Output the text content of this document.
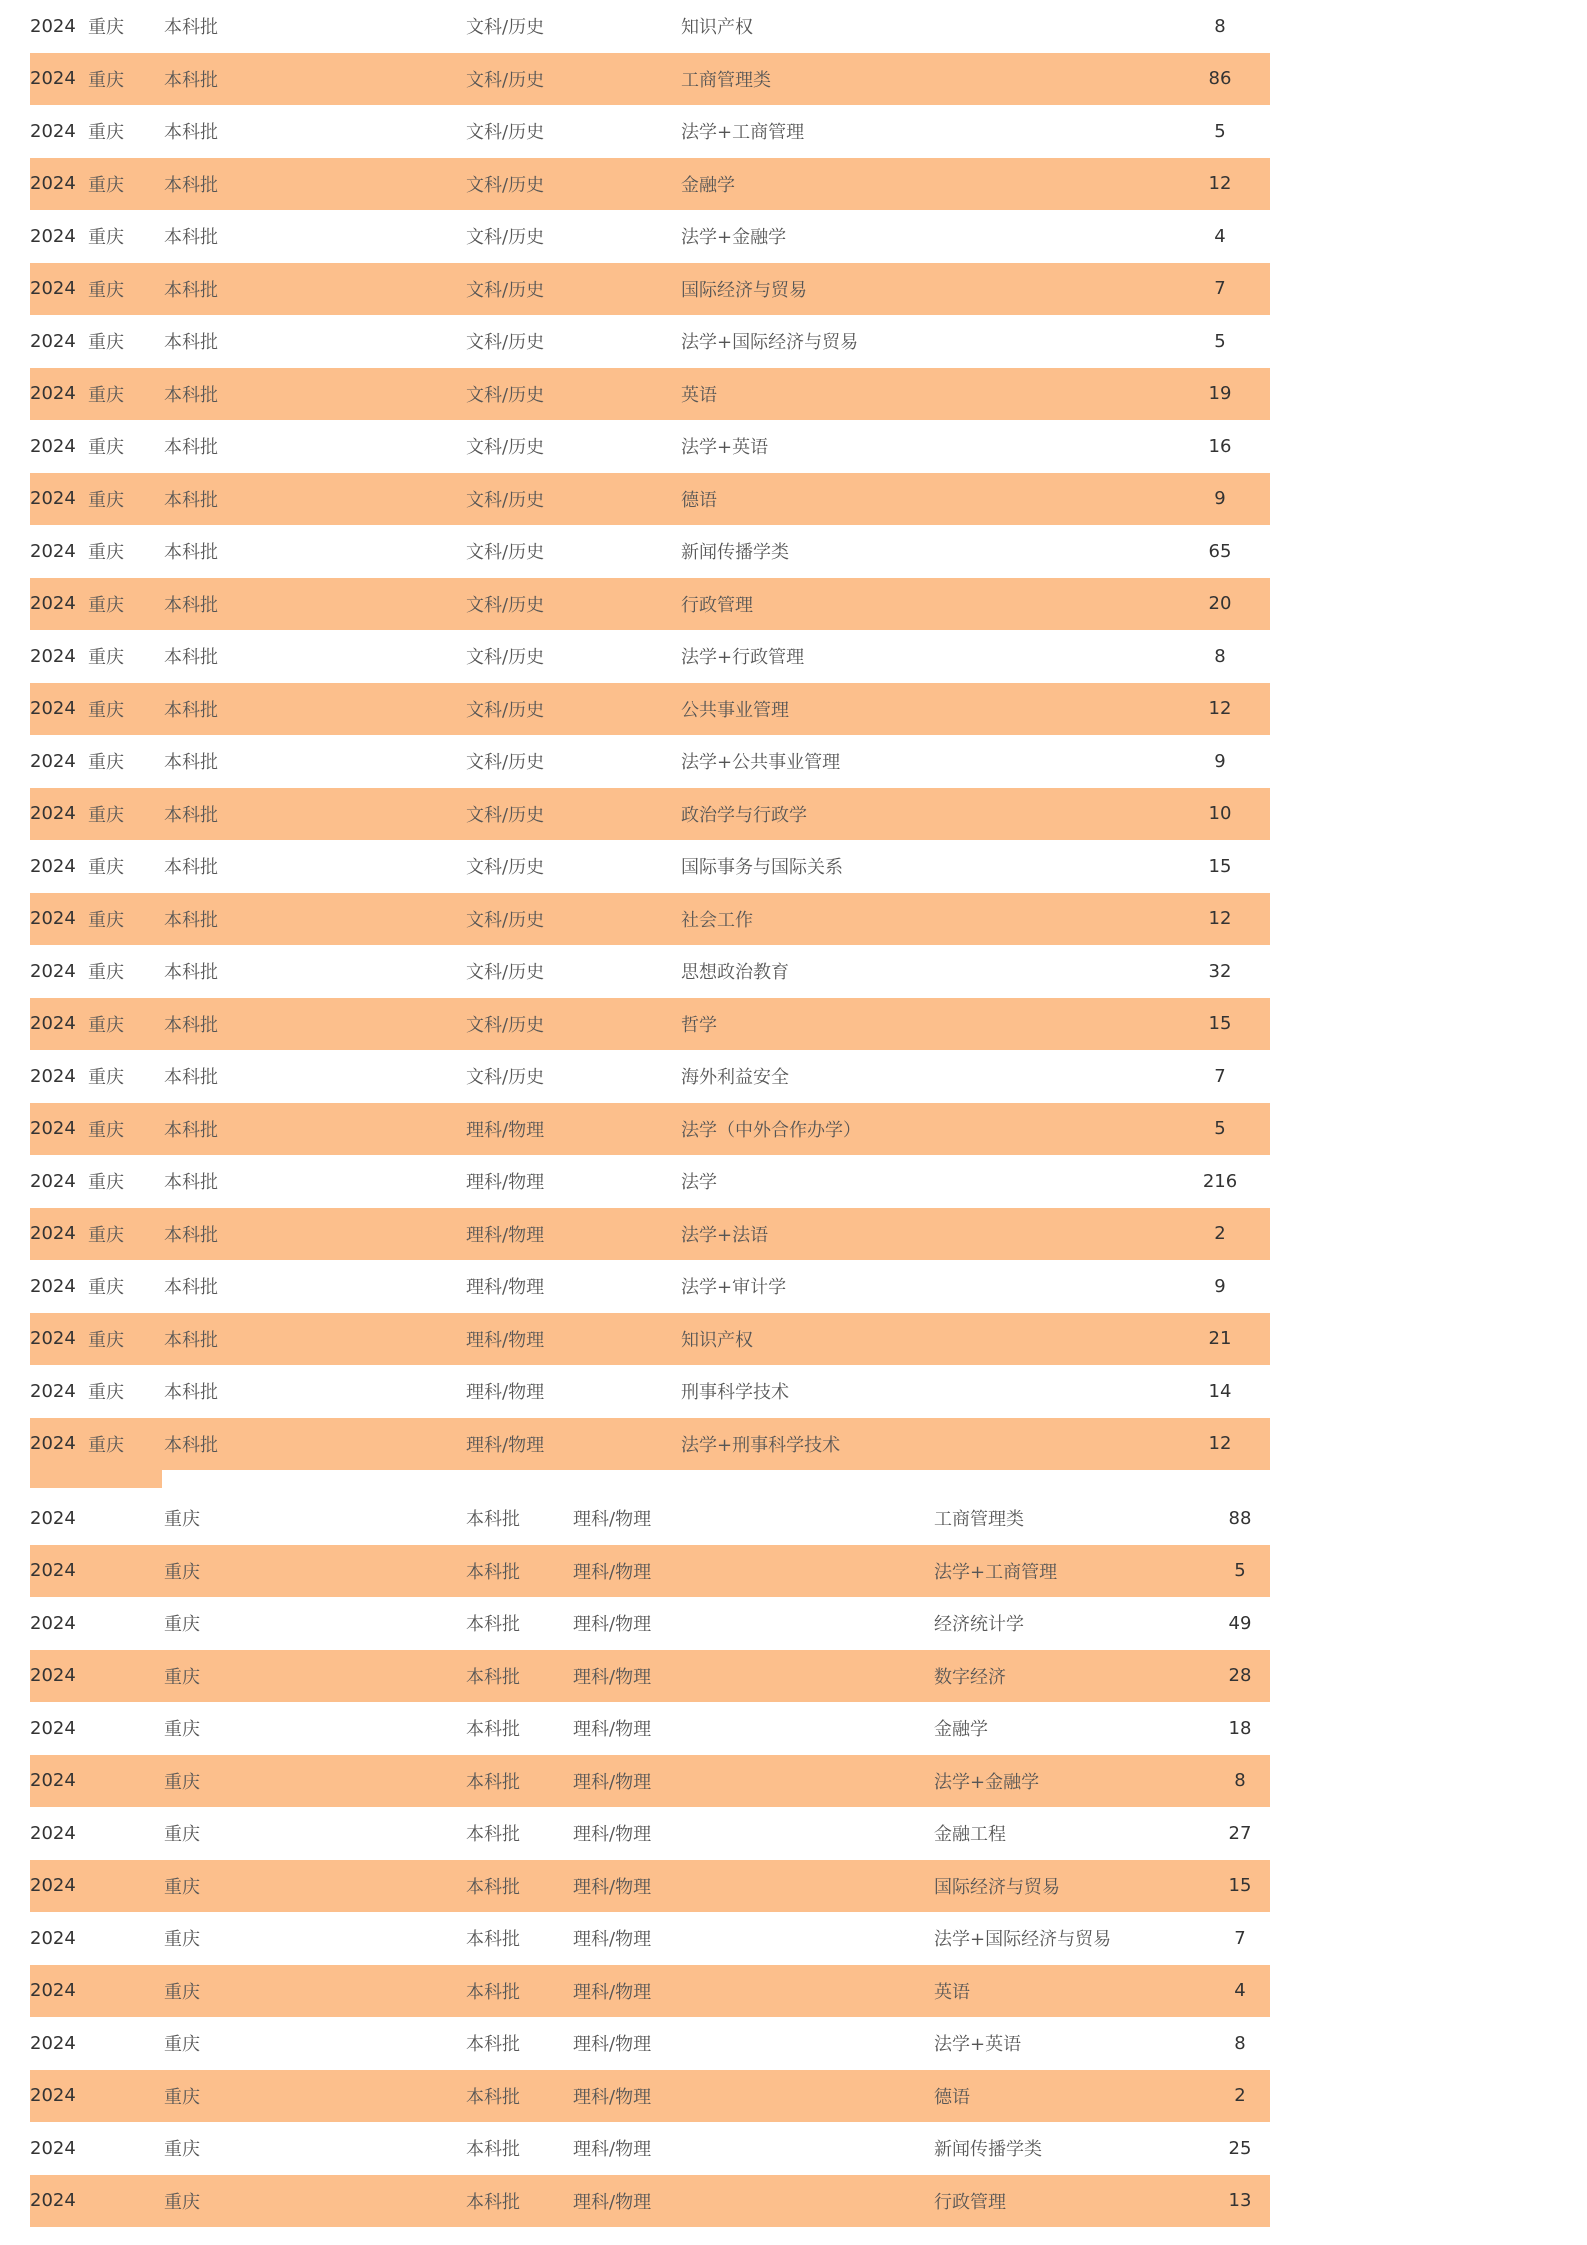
2024 重庆 本科批	文科/历史	知识产权	8
2024 重庆 本科批	文科/历史	工商管理类	86
2024 重庆 本科批	文科/历史	法学+工商管理	5
2024 重庆 本科批	文科/历史	金融学	12
2024 重庆 本科批	文科/历史	法学+金融学	4
2024 重庆 本科批	文科/历史	国际经济与贸易	7
2024 重庆 本科批	文科/历史	法学+国际经济与贸易	5
2024 重庆 本科批	文科/历史	英语	19
2024 重庆 本科批	文科/历史	法学+英语	16
2024 重庆 本科批	文科/历史	德语	9
2024 重庆 本科批	文科/历史	新闻传播学类	65
2024 重庆 本科批	文科/历史	行政管理	20
2024 重庆 本科批	文科/历史	法学+行政管理	8
2024 重庆 本科批	文科/历史	公共事业管理	12
2024 重庆 本科批	文科/历史	法学+公共事业管理	9
2024 重庆 本科批	文科/历史	政治学与行政学	10
2024 重庆 本科批	文科/历史	国际事务与国际关系	15
2024 重庆 本科批	文科/历史	社会工作	12
2024 重庆 本科批	文科/历史	思想政治教育	32
2024 重庆 本科批	文科/历史	哲学	15
2024 重庆 本科批	文科/历史	海外利益安全	7
2024 重庆 本科批	理科/物理	法学（中外合作办学）	5
2024 重庆 本科批	理科/物理	法学	216
2024 重庆 本科批	理科/物理	法学+法语	2
2024 重庆 本科批	理科/物理	法学+审计学	9
2024 重庆 本科批	理科/物理	知识产权	21
2024 重庆 本科批	理科/物理	刑事科学技术	14
2024 重庆 本科批	理科/物理	法学+刑事科学技术	12
2024	重庆	本科批	理科/物理	工商管理类	88
2024	重庆	本科批	理科/物理	法学+工商管理	5
2024	重庆	本科批	理科/物理	经济统计学	49
2024	重庆	本科批	理科/物理	数字经济	28
2024	重庆	本科批	理科/物理	金融学	18
2024	重庆	本科批	理科/物理	法学+金融学	8
2024	重庆	本科批	理科/物理	金融工程	27
2024	重庆	本科批	理科/物理	国际经济与贸易	15
2024	重庆	本科批	理科/物理	法学+国际经济与贸易	7
2024	重庆	本科批	理科/物理	英语	4
2024	重庆	本科批	理科/物理	法学+英语	8
2024	重庆	本科批	理科/物理	德语	2
2024	重庆	本科批	理科/物理	新闻传播学类	25
2024	重庆	本科批	理科/物理	行政管理	13
